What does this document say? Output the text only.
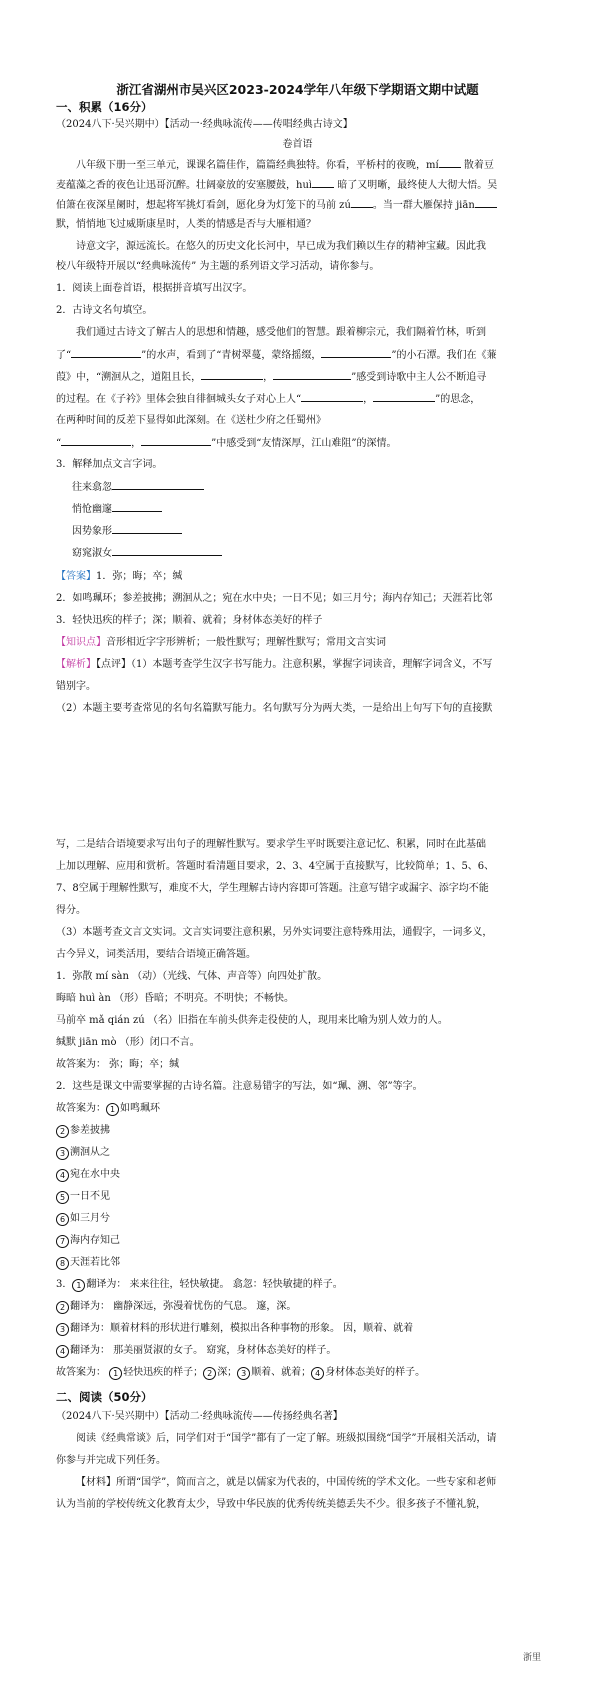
浙江省湖州市吴兴区2023-2024学年八年级下学期语文期中试题
一、积累（16分）
（2024八下·吴兴期中）【活动一·经典咏流传——传唱经典古诗文】
卷首语
八年级下册一至三单元，课课名篇佳作，篇篇经典独特。你看，平桥村的夜晚，mí	散着豆
麦蕴藻之香的夜色让迅哥沉醉。壮阔豪放的安塞腰鼓，huì	暗了又明晰，最终使人大彻大悟。吴
伯箫在夜深星阑时，想起将军挑灯看剑，愿化身为灯笼下的马前 zú 。当一群大雁保持 jiān
默，悄悄地飞过威斯康星时，人类的情感是否与大雁相通？
诗意文字，源远流长。在悠久的历史文化长河中，早已成为我们赖以生存的精神宝藏。因此我
校八年级特开展以“经典咏流传” 为主题的系列语文学习活动，请你参与。
1．阅读上面卷首语，根据拼音填写出汉字。
2．古诗文名句填空。
我们通过古诗文了解古人的思想和情趣，感受他们的智慧。跟着柳宗元，我们隔着竹林，听到
了“	”的水声，看到了“青树翠蔓，蒙络摇缀，	”的小石潭。我们在《蒹
葭》中，“溯洄从之，道阻且长，	，	”感受到诗歌中主人公不断追寻
的过程。在《子衿》里体会独自徘徊城头女子对心上人“	，	”的思念，
在两种时间的反差下显得如此深刻。在《送杜少府之任蜀州》
“	，	”中感受到“友情深厚，江山难阻”的深情。
3．解释加点文言字词。
往来翕忽
悄怆幽邃
因势象形
窈窕淑女
【答案】1．弥；晦；卒；缄
2．如鸣珮环；参差披拂；溯洄从之；宛在水中央；一日不见；如三月兮；海内存知己；天涯若比邻
3．轻快迅疾的样子；深；顺着、就着；身材体态美好的样子
【知识点】音形相近字字形辨析；一般性默写；理解性默写；常用文言实词
【解析】【点评】（1）本题考查学生汉字书写能力。注意积累，掌握字词读音，理解字词含义，不写
错别字。
（2）本题主要考查常见的名句名篇默写能力。名句默写分为两大类，一是给出上句写下句的直接默
写，二是结合语境要求写出句子的理解性默写。要求学生平时既要注意记忆、积累，同时在此基础
上加以理解、应用和赏析。答题时看清题目要求，2、3、4空属于直接默写，比较简单；1、5、6、
7、8空属于理解性默写，难度不大，学生理解古诗内容即可答题。注意写错字或漏字、添字均不能
得分。
（3）本题考查文言文实词。文言实词要注意积累，另外实词要注意特殊用法，通假字，一词多义，
古今异义，词类活用，要结合语境正确答题。
1．弥散 mí sàn （动）（光线、气体、声音等）向四处扩散。
晦暗 huì àn （形）昏暗；不明亮。不明快；不畅快。
马前卒 mǎ qián zú （名）旧指在车前头供奔走役使的人，现用来比喻为别人效力的人。
缄默 jiān mò （形）闭口不言。
故答案为： 弥；晦；卒；缄
2．这些是课文中需要掌握的古诗名篇。注意易错字的写法，如“珮、溯、邻”等字。
故答案为： 1 如鸣珮环
2 参差披拂
3 溯洄从之
4 宛在水中央
5 一日不见
6 如三月兮
7 海内存知己
8 天涯若比邻
3． 1 翻译为： 来来往往，轻快敏捷。 翕忽：轻快敏捷的样子。
2 翻译为： 幽静深远，弥漫着忧伤的气息。 邃，深。
3 翻译为：顺着材料的形状进行雕刻，模拟出各种事物的形象。 因，顺着、就着
4 翻译为： 那美丽贤淑的女子。 窈窕，身材体态美好的样子。
故答案为： 1 轻快迅疾的样子； 2 深； 3 顺着、就着； 4 身材体态美好的样子。
二、阅读（50分）
（2024八下·吴兴期中）【活动二·经典咏流传——传扬经典名著】
阅读《经典常谈》后，同学们对于“国学”都有了一定了解。班级拟围绕“国学”开展相关活动，请
你参与并完成下列任务。
【材料】所谓“国学”，简而言之，就是以儒家为代表的，中国传统的学术文化。一些专家和老师
认为当前的学校传统文化教育太少，导致中华民族的优秀传统美德丢失不少。很多孩子不懂礼貌，
浙里
